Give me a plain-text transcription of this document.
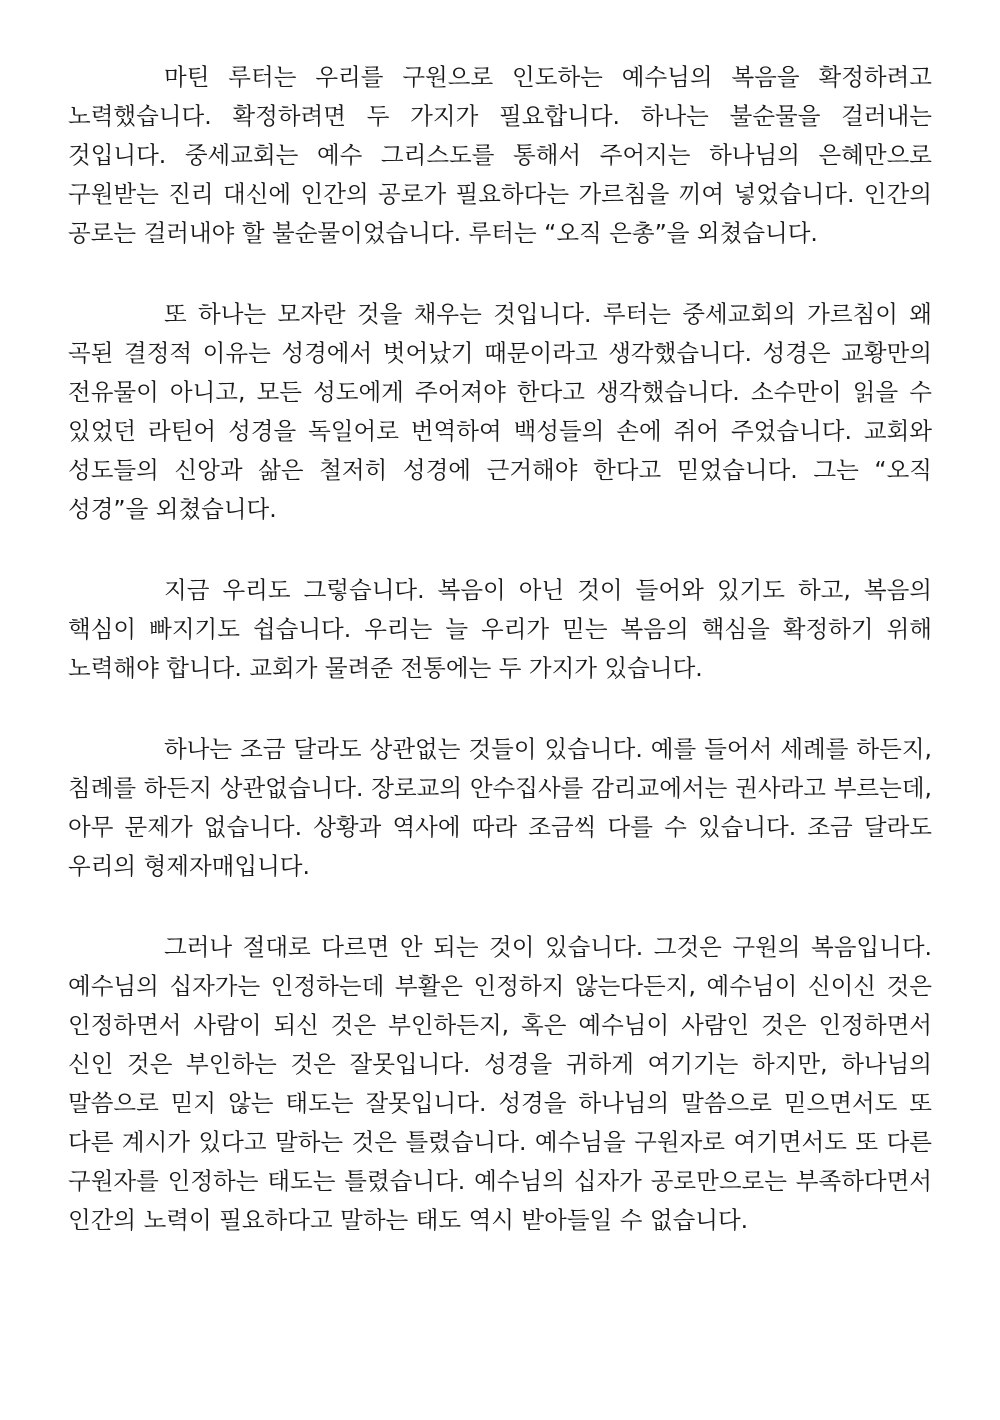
마틴 루터는 우리를 구원으로 인도하는 예수님의 복음을 확정하려고 노력했습니다. 확정하려면 두 가지가 필요합니다. 하나는 불순물을 걸러내는 것입니다. 중세교회는 예수 그리스도를 통해서 주어지는 하나님의 은혜만으로 구원받는 진리 대신에 인간의 공로가 필요하다는 가르침을 끼여 넣었습니다. 인간의 공로는 걸러내야 할 불순물이었습니다. 루터는 “오직 은총”을 외쳤습니다.

또 하나는 모자란 것을 채우는 것입니다. 루터는 중세교회의 가르침이 왜 곡된 결정적 이유는 성경에서 벗어났기 때문이라고 생각했습니다. 성경은 교황만의 전유물이 아니고, 모든 성도에게 주어져야 한다고 생각했습니다. 소수만이 읽을 수 있었던 라틴어 성경을 독일어로 번역하여 백성들의 손에 쥐어 주었습니다. 교회와 성도들의 신앙과 삶은 철저히 성경에 근거해야 한다고 믿었습니다. 그는 “오직 성경”을 외쳤습니다.

지금 우리도 그렇습니다. 복음이 아닌 것이 들어와 있기도 하고, 복음의 핵심이 빠지기도 쉽습니다. 우리는 늘 우리가 믿는 복음의 핵심을 확정하기 위해 노력해야 합니다. 교회가 물려준 전통에는 두 가지가 있습니다.

하나는 조금 달라도 상관없는 것들이 있습니다. 예를 들어서 세례를 하든지, 침례를 하든지 상관없습니다. 장로교의 안수집사를 감리교에서는 권사라고 부르는데, 아무 문제가 없습니다. 상황과 역사에 따라 조금씩 다를 수 있습니다. 조금 달라도 우리의 형제자매입니다.

그러나 절대로 다르면 안 되는 것이 있습니다. 그것은 구원의 복음입니다. 예수님의 십자가는 인정하는데 부활은 인정하지 않는다든지, 예수님이 신이신 것은 인정하면서 사람이 되신 것은 부인하든지, 혹은 예수님이 사람인 것은 인정하면서 신인 것은 부인하는 것은 잘못입니다. 성경을 귀하게 여기기는 하지만, 하나님의 말씀으로 믿지 않는 태도는 잘못입니다. 성경을 하나님의 말씀으로 믿으면서도 또 다른 계시가 있다고 말하는 것은 틀렸습니다. 예수님을 구원자로 여기면서도 또 다른 구원자를 인정하는 태도는 틀렸습니다. 예수님의 십자가 공로만으로는 부족하다면서 인간의 노력이 필요하다고 말하는 태도 역시 받아들일 수 없습니다.
